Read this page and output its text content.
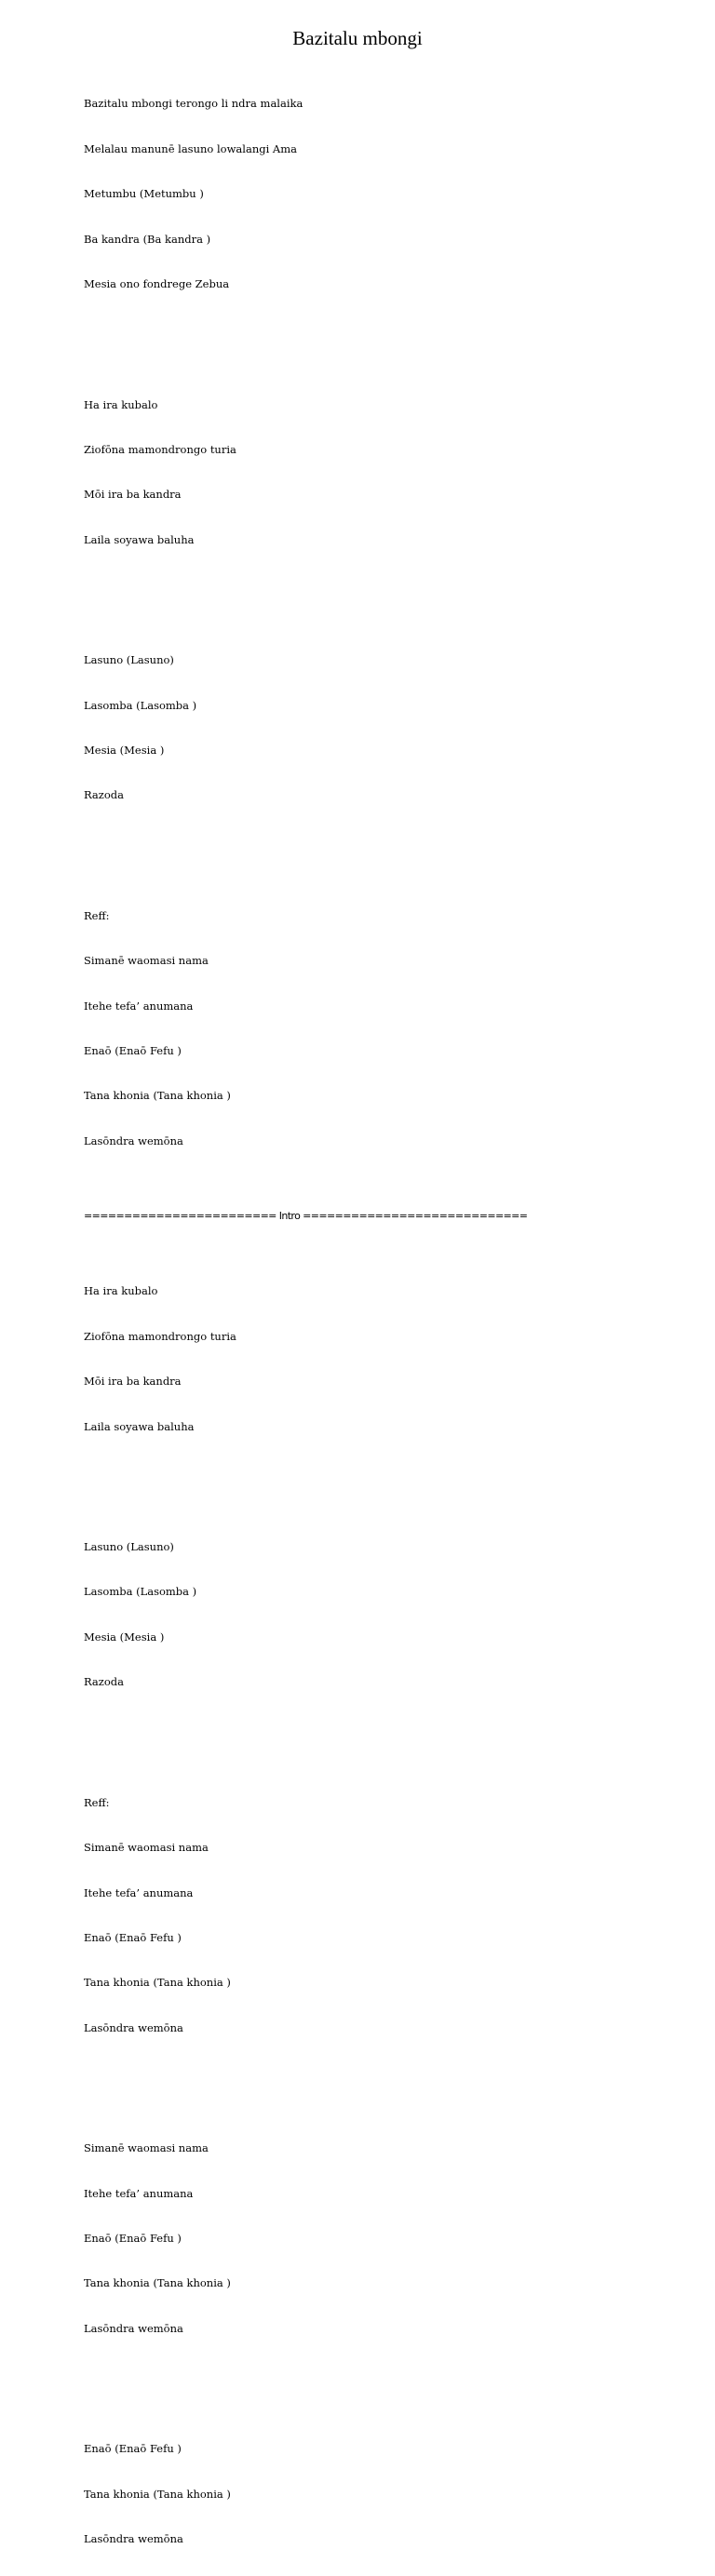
Bazitalu mbongi

Bazitalu mbongi terongo li ndra malaika

Melalau manunē lasuno lowalangi Ama

Metumbu (Metumbu )

Ba kandra (Ba kandra )

Mesia ono fondrege Zebua

Ha ira kubalo

Ziofōna mamondrongo turia

Mōi ira ba kandra

Laila soyawa baluha

Lasuno (Lasuno)

Lasomba (Lasomba )

Mesia (Mesia )

Razoda

Reff:

Simanē waomasi nama

Itehe tefa’ anumana

Enaō (Enaō Fefu )

Tana khonia (Tana khonia )

Lasōndra wemōna

======================== Intro ============================

Ha ira kubalo

Ziofōna mamondrongo turia

Mōi ira ba kandra

Laila soyawa baluha

Lasuno (Lasuno)

Lasomba (Lasomba )

Mesia (Mesia )

Razoda

Reff:

Simanē waomasi nama

Itehe tefa’ anumana

Enaō (Enaō Fefu )

Tana khonia (Tana khonia )

Lasōndra wemōna

Simanē waomasi nama

Itehe tefa’ anumana

Enaō (Enaō Fefu )

Tana khonia (Tana khonia )

Lasōndra wemōna

Enaō (Enaō Fefu )

Tana khonia (Tana khonia )

Lasōndra wemōna
